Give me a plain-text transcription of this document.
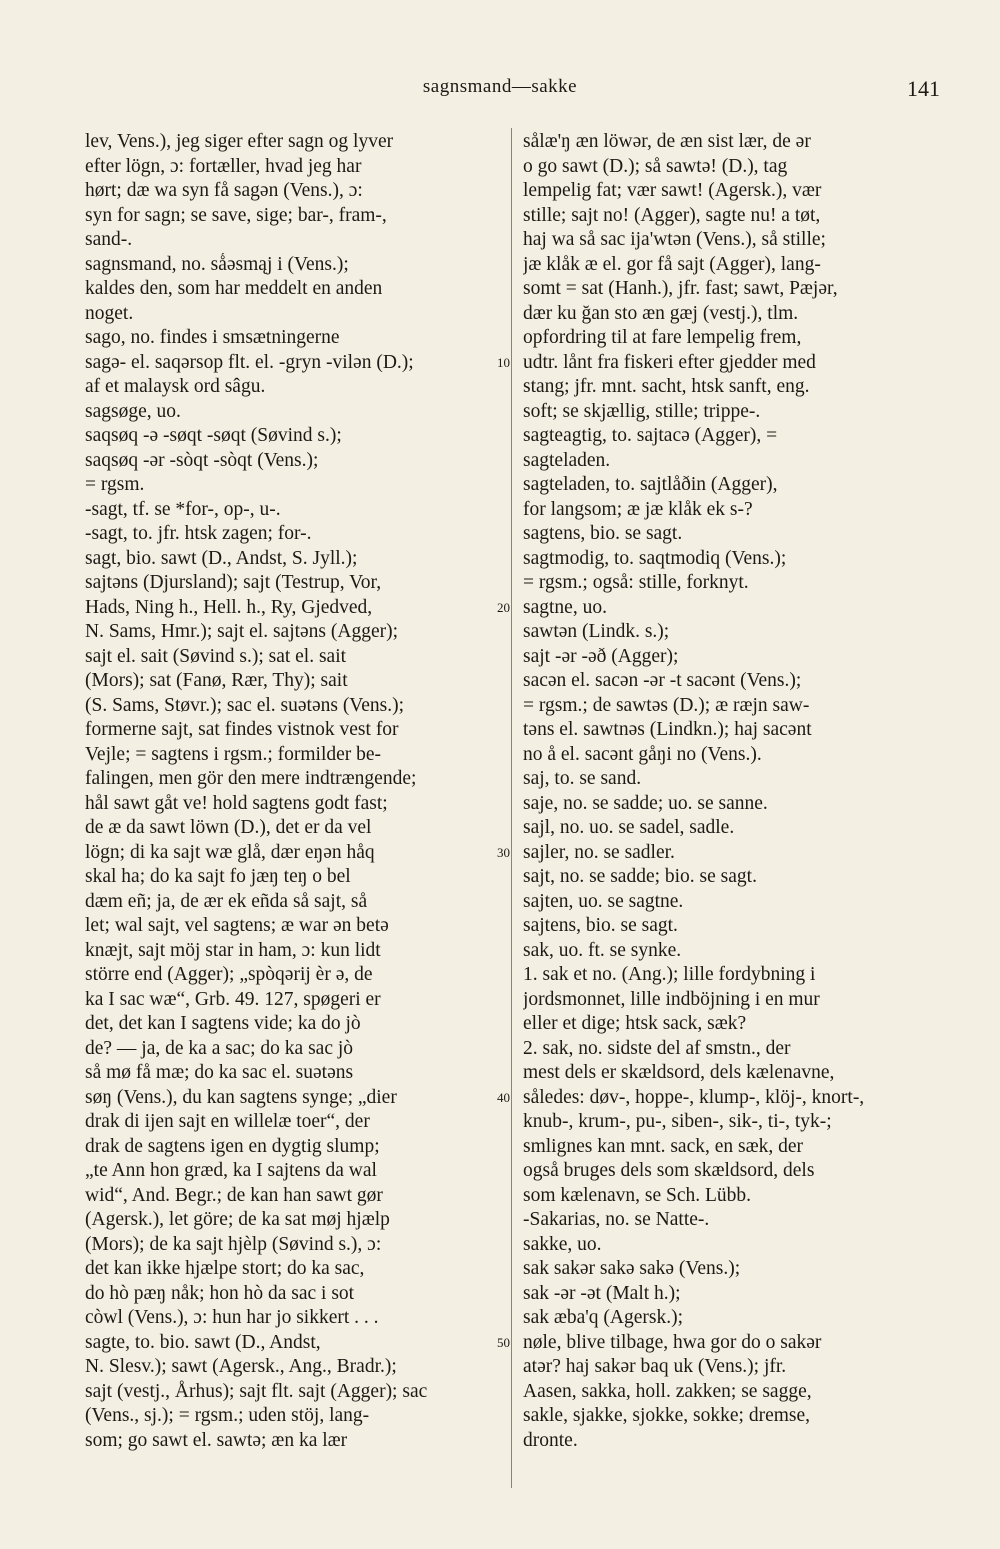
sagnsmand—sakke	141
lev, Vens.), jeg siger efter sagn og lyver
efter lögn, ɔ: fortæller, hvad jeg har
hørt; dæ wa syn få sagən (Vens.), ɔ:
syn for sagn; se save, sige; bar-, fram-,
sand-.
sagnsmand, no. sǻəsmąj i (Vens.);
kaldes den, som har meddelt en anden
noget.
sago, no. findes i smsætningerne
sagə- el. saqərsop flt. el. -gryn -vilən (D.);
af et malaysk ord sâgu.
sagsøge, uo.
saqsøq -ə -søqt -søqt (Søvind s.);
saqsøq -ər -sòqt -sòqt (Vens.);
= rgsm.
-sagt, tf. se *for-, op-, u-.
-sagt, to. jfr. htsk zagen; for-.
sagt, bio. sawt (D., Andst, S. Jyll.);
sajtəns (Djursland); sajt (Testrup, Vor,
Hads, Ning h., Hell. h., Ry, Gjedved,
N. Sams, Hmr.); sajt el. sajtəns (Agger);
sajt el. sait (Søvind s.); sat el. sait
(Mors); sat (Fanø, Rær, Thy); sait
(S. Sams, Støvr.); sac el. suətəns (Vens.);
formerne sajt, sat findes vistnok vest for
Vejle; = sagtens i rgsm.; formilder be-
falingen, men gör den mere indtrængende;
hål sawt gåt ve! hold sagtens godt fast;
de æ da sawt löwn (D.), det er da vel
lögn; di ka sajt wæ glå, dær eŋən håq
skal ha; do ka sajt fo jæŋ teŋ o bel
dæm eñ; ja, de ær ek eñda så sajt, så
let; wal sajt, vel sagtens; æ war ən betə
knæjt, sajt möj star in ham, ɔ: kun lidt
större end (Agger); „spòqərij èr ə, de
ka I sac wæ“, Grb. 49. 127, spøgeri er
det, det kan I sagtens vide; ka do jò
de? — ja, de ka a sac; do ka sac jò
så mø få mæ; do ka sac el. suətəns
søŋ (Vens.), du kan sagtens synge; „dier
drak di ijen sajt en willelæ toer“, der
drak de sagtens igen en dygtig slump;
„te Ann hon græd, ka I sajtens da wal
wid“, And. Begr.; de kan han sawt gør
(Agersk.), let göre; de ka sat møj hjælp
(Mors); de ka sajt hjèlp (Søvind s.), ɔ:
det kan ikke hjælpe stort; do ka sac,
do hò pæŋ nåk; hon hò da sac i sot
còwl (Vens.), ɔ: hun har jo sikkert . . .
sagte, to. bio. sawt (D., Andst,
N. Slesv.); sawt (Agersk., Ang., Bradr.);
sajt (vestj., Århus); sajt flt. sajt (Agger); sac
(Vens., sj.); = rgsm.; uden stöj, lang-
som; go sawt el. sawtə; æn ka lær
sålæ'ŋ æn löwər, de æn sist lær, de ər
o go sawt (D.); så sawtə! (D.), tag
lempelig fat; vær sawt! (Agersk.), vær
stille; sajt no! (Agger), sagte nu! a tøt,
haj wa så sac ija'wtən (Vens.), så stille;
jæ klåk æ el. gor få sajt (Agger), lang-
somt = sat (Hanh.), jfr. fast; sawt, Pæjər,
dær ku ğan sto æn gæj (vestj.), tlm.
opfordring til at fare lempelig frem,
udtr. lånt fra fiskeri efter gjedder med
stang; jfr. mnt. sacht, htsk sanft, eng.
soft; se skjællig, stille; trippe-.
sagteagtig, to. sajtacə (Agger), =
sagteladen.
sagteladen, to. sajtlåðin (Agger),
for langsom; æ jæ klåk ek s-?
sagtens, bio. se sagt.
sagtmodig, to. saqtmodiq (Vens.);
= rgsm.; også: stille, forknyt.
sagtne, uo.
sawtən (Lindk. s.);
sajt -ər -əð (Agger);
sacən el. sacən -ər -t sacənt (Vens.);
= rgsm.; de sawtəs (D.); æ ræjn saw-
təns el. sawtnəs (Lindkn.); haj sacənt
no å el. sacənt gåŋi no (Vens.).
saj, to. se sand.
saje, no. se sadde; uo. se sanne.
sajl, no. uo. se sadel, sadle.
sajler, no. se sadler.
sajt, no. se sadde; bio. se sagt.
sajten, uo. se sagtne.
sajtens, bio. se sagt.
sak, uo. ft. se synke.
1. sak et no. (Ang.); lille fordybning i
jordsmonnet, lille indböjning i en mur
eller et dige; htsk sack, sæk?
2. sak, no. sidste del af smstn., der
mest dels er skældsord, dels kælenavne,
således: døv-, hoppe-, klump-, klöj-, knort-,
knub-, krum-, pu-, siben-, sik-, ti-, tyk-;
smlignes kan mnt. sack, en sæk, der
også bruges dels som skældsord, dels
som kælenavn, se Sch. Lübb.
-Sakarias, no. se Natte-.
sakke, uo.
sak sakər sakə sakə (Vens.);
sak -ər -ət (Malt h.);
sak æba'q (Agersk.);
nøle, blive tilbage, hwa gor do o sakər
atər? haj sakər baq uk (Vens.); jfr.
Aasen, sakka, holl. zakken; se sagge,
sakle, sjakke, sjokke, sokke; dremse,
dronte.
10
20
30
40
50
